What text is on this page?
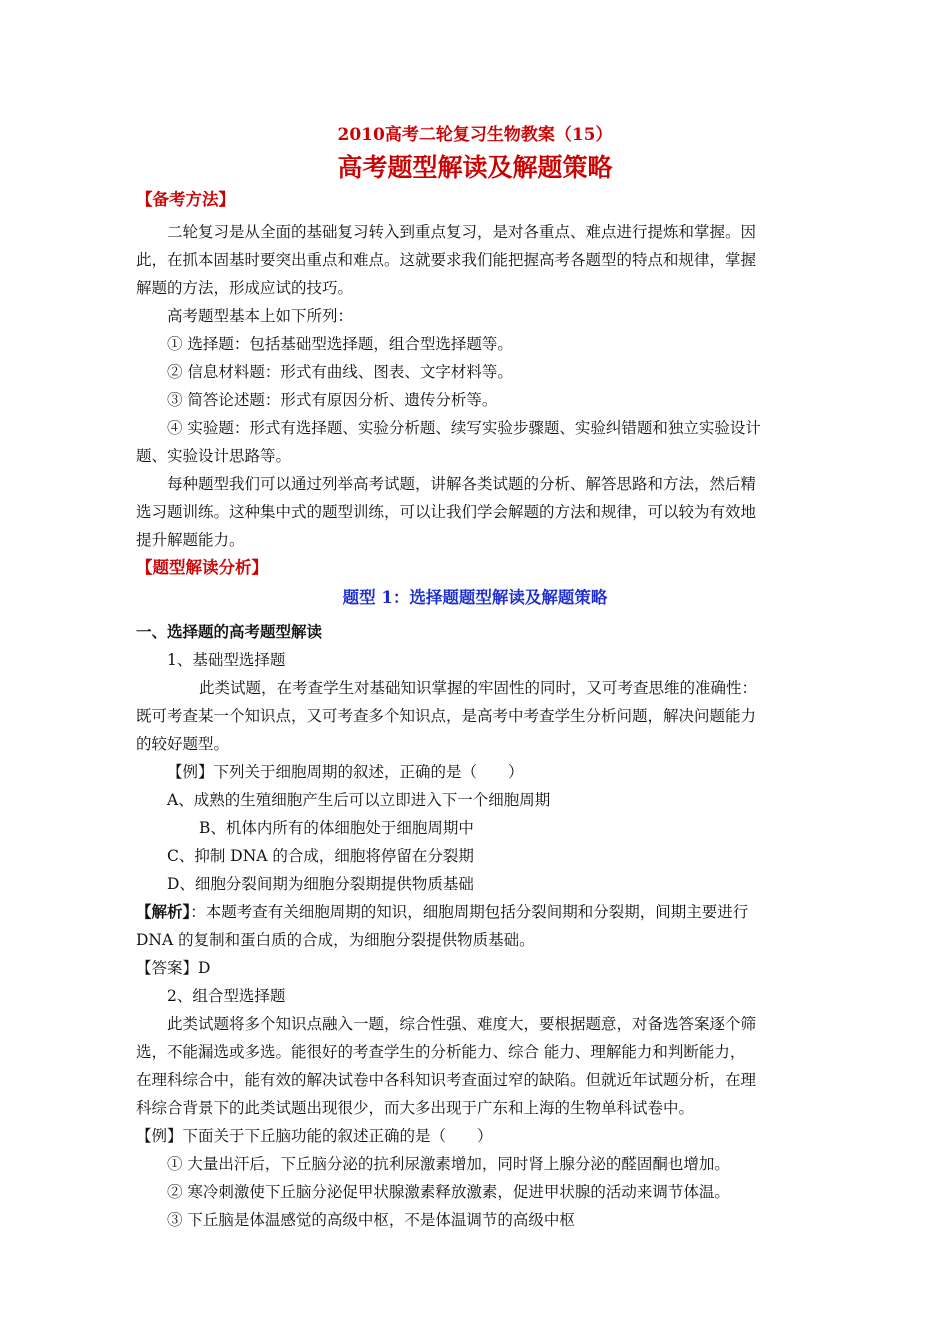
2010高考二轮复习生物教案（15）
高考题型解读及解题策略
【备考方法】
二轮复习是从全面的基础复习转入到重点复习，是对各重点、难点进行提炼和掌握。因
此，在抓本固基时要突出重点和难点。这就要求我们能把握高考各题型的特点和规律，掌握
解题的方法，形成应试的技巧。
高考题型基本上如下所列：
① 选择题：包括基础型选择题，组合型选择题等。
② 信息材料题：形式有曲线、图表、文字材料等。
③ 简答论述题：形式有原因分析、遗传分析等。
④ 实验题：形式有选择题、实验分析题、续写实验步骤题、实验纠错题和独立实验设计
题、实验设计思路等。
每种题型我们可以通过列举高考试题，讲解各类试题的分析、解答思路和方法，然后精
选习题训练。这种集中式的题型训练，可以让我们学会解题的方法和规律，可以较为有效地
提升解题能力。
【题型解读分析】
题型 1：选择题题型解读及解题策略
一、选择题的高考题型解读
1、基础型选择题
此类试题，在考查学生对基础知识掌握的牢固性的同时，又可考查思维的准确性：
既可考查某一个知识点，又可考查多个知识点，是高考中考查学生分析问题，解决问题能力
的较好题型。
【例】下列关于细胞周期的叙述，正确的是（　　）
A、成熟的生殖细胞产生后可以立即进入下一个细胞周期
B、机体内所有的体细胞处于细胞周期中
C、抑制 DNA 的合成，细胞将停留在分裂期
D、细胞分裂间期为细胞分裂期提供物质基础
【解析】：本题考查有关细胞周期的知识，细胞周期包括分裂间期和分裂期，间期主要进行
DNA 的复制和蛋白质的合成，为细胞分裂提供物质基础。
【答案】D
2、组合型选择题
此类试题将多个知识点融入一题，综合性强、难度大，要根据题意，对备选答案逐个筛
选，不能漏选或多选。能很好的考查学生的分析能力、综合 能力、理解能力和判断能力，
在理科综合中，能有效的解决试卷中各科知识考查面过窄的缺陷。但就近年试题分析，在理
科综合背景下的此类试题出现很少，而大多出现于广东和上海的生物单科试卷中。
【例】下面关于下丘脑功能的叙述正确的是（　　）
① 大量出汗后，下丘脑分泌的抗利尿激素增加，同时肾上腺分泌的醛固酮也增加。
② 寒冷刺激使下丘脑分泌促甲状腺激素释放激素，促进甲状腺的活动来调节体温。
③ 下丘脑是体温感觉的高级中枢，不是体温调节的高级中枢
